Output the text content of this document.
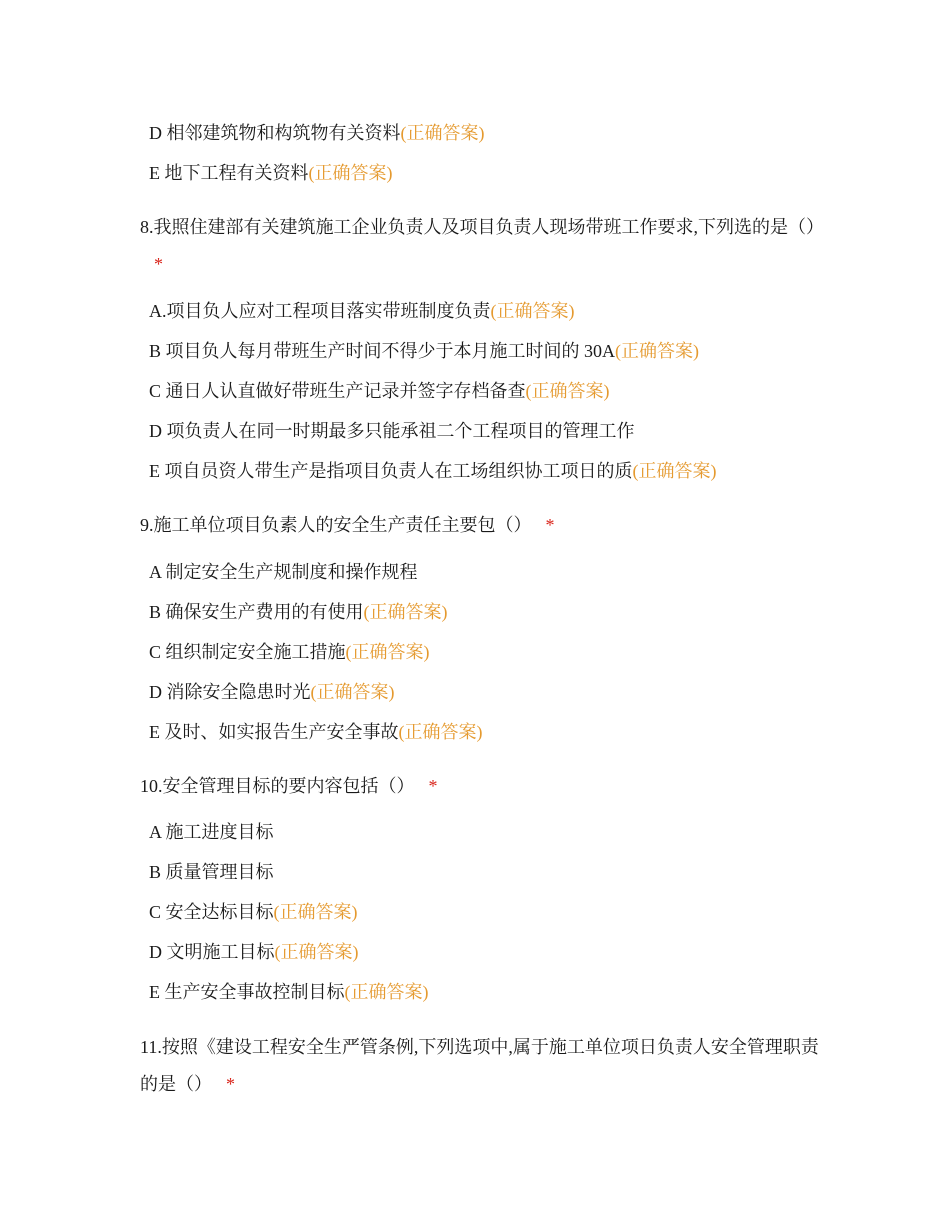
D 相邻建筑物和构筑物有关资料(正确答案)
E 地下工程有关资料(正确答案)
8.我照住建部有关建筑施工企业负责人及项目负责人现场带班工作要求,下列选的是（）*
A.项目负人应对工程项目落实带班制度负责(正确答案)
B 项目负人每月带班生产时间不得少于本月施工时间的 30A(正确答案)
C 通日人认直做好带班生产记录并签字存档备查(正确答案)
D 项负责人在同一时期最多只能承祖二个工程项目的管理工作
E 项自员资人带生产是指项目负责人在工场组织协工项日的质(正确答案)
9.施工单位项目负素人的安全生产责任主要包（） *
A 制定安全生产规制度和操作规程
B 确保安生产费用的有使用(正确答案)
C 组织制定安全施工措施(正确答案)
D 消除安全隐患时光(正确答案)
E 及时、如实报告生产安全事故(正确答案)
10.安全管理目标的要内容包括（） *
A 施工进度目标
B 质量管理目标
C 安全达标目标(正确答案)
D 文明施工目标(正确答案)
E 生产安全事故控制目标(正确答案)
11.按照《建设工程安全生严管条例,下列选项中,属于施工单位项日负责人安全管理职责的是（） *
